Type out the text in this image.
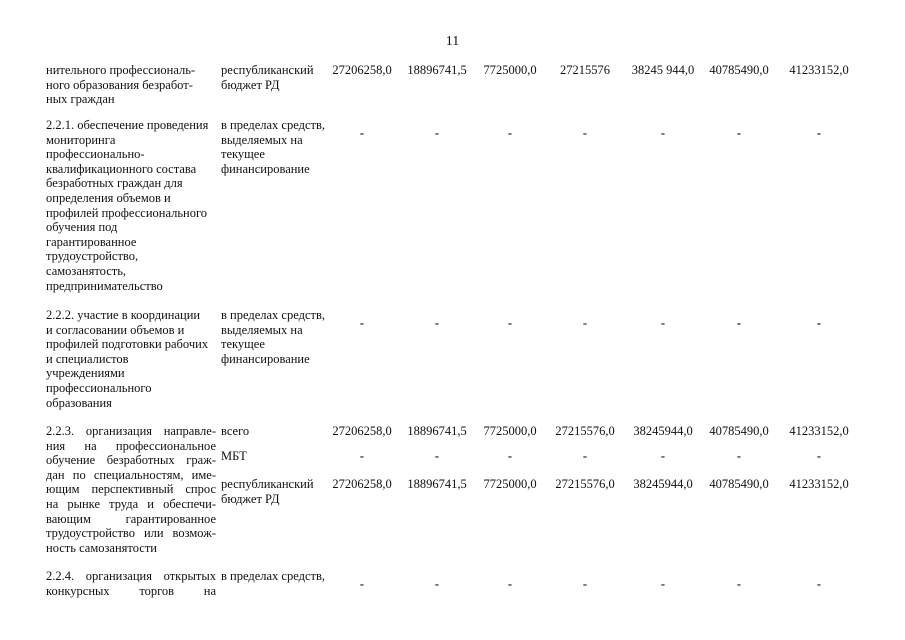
11
нительного профессиональ-
ного образования безработ-
ных граждан
республиканский бюджет РД
27206258,0 18896741,5	7725000,0	27215576	38245 944,0	40785490,0	41233152,0
2.2.1. обеспечение проведения
мониторинга
профессионально-
квалификационного состава
безработных граждан для
определения объемов и
профилей профессионального
обучения под
гарантированное
трудоустройство,
самозанятость,
предпринимательство
в пределах средств, выделяемых на текущее финансирование
-	-	-	-	-	-	-
2.2.2. участие в координации
и согласовании объемов и
профилей подготовки рабочих
и специалистов
учреждениями
профессионального
образования
в пределах средств, выделяемых на текущее финансирование
-	-	-	-	-	-	-
2.2.3. организация направле-
ния на профессиональное
обучение безработных граж-
дан по специальностям, име-
ющим перспективный спрос
на рынке труда и обеспечи-
вающим гарантированное
трудоустройство или возмож-
ность самозанятости
всего	27206258,0 18896741,5	7725000,0	27215576,0	38245944,0	40785490,0	41233152,0
МБТ	-	-	-	-	-	-	-
республиканский бюджет РД
27206258,0 18896741,5	7725000,0	27215576,0	38245944,0	40785490,0	41233152,0
2.2.4. организация открытых
конкурсных торгов на
в пределах средств,
-	-	-	-	-	-	-
